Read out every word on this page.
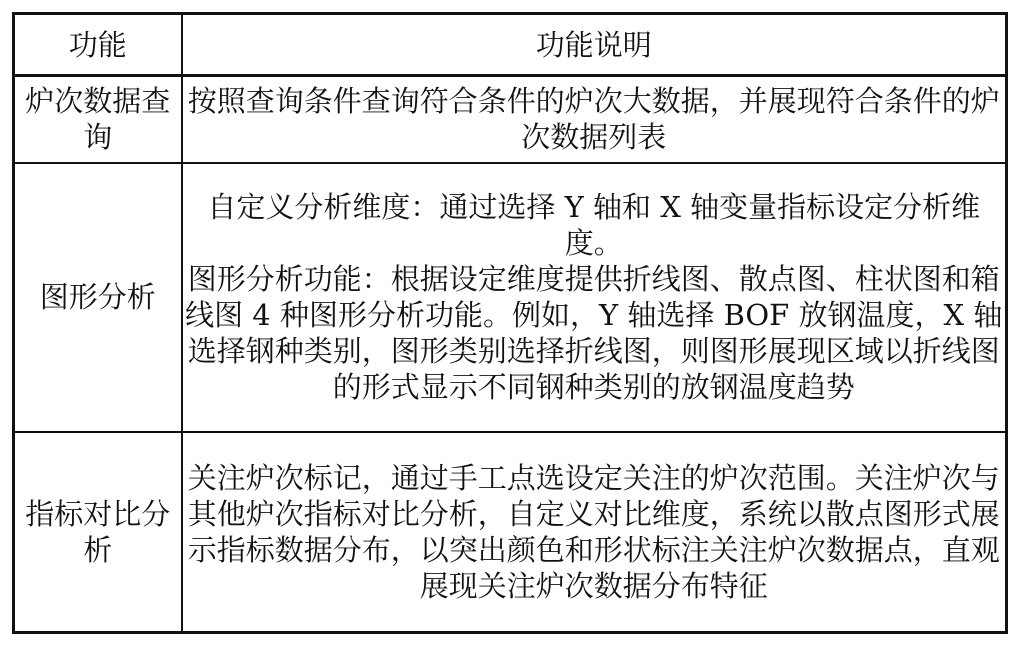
功能	功能说明
炉次数据查询	按照查询条件查询符合条件的炉次大数据，并展现符合条件的炉次数据列表

图形分析	自定义分析维度：通过选择 Y 轴和 X 轴变量指标设定分析维度。
图形分析功能：根据设定维度提供折线图、散点图、柱状图和箱线图 4 种图形分析功能。例如，Y 轴选择 BOF 放钢温度，X 轴选择钢种类别，图形类别选择折线图，则图形展现区域以折线图的形式显示不同钢种类别的放钢温度趋势

指标对比分析	关注炉次标记，通过手工点选设定关注的炉次范围。关注炉次与其他炉次指标对比分析，自定义对比维度，系统以散点图形式展示指标数据分布，以突出颜色和形状标注关注炉次数据点，直观展现关注炉次数据分布特征
